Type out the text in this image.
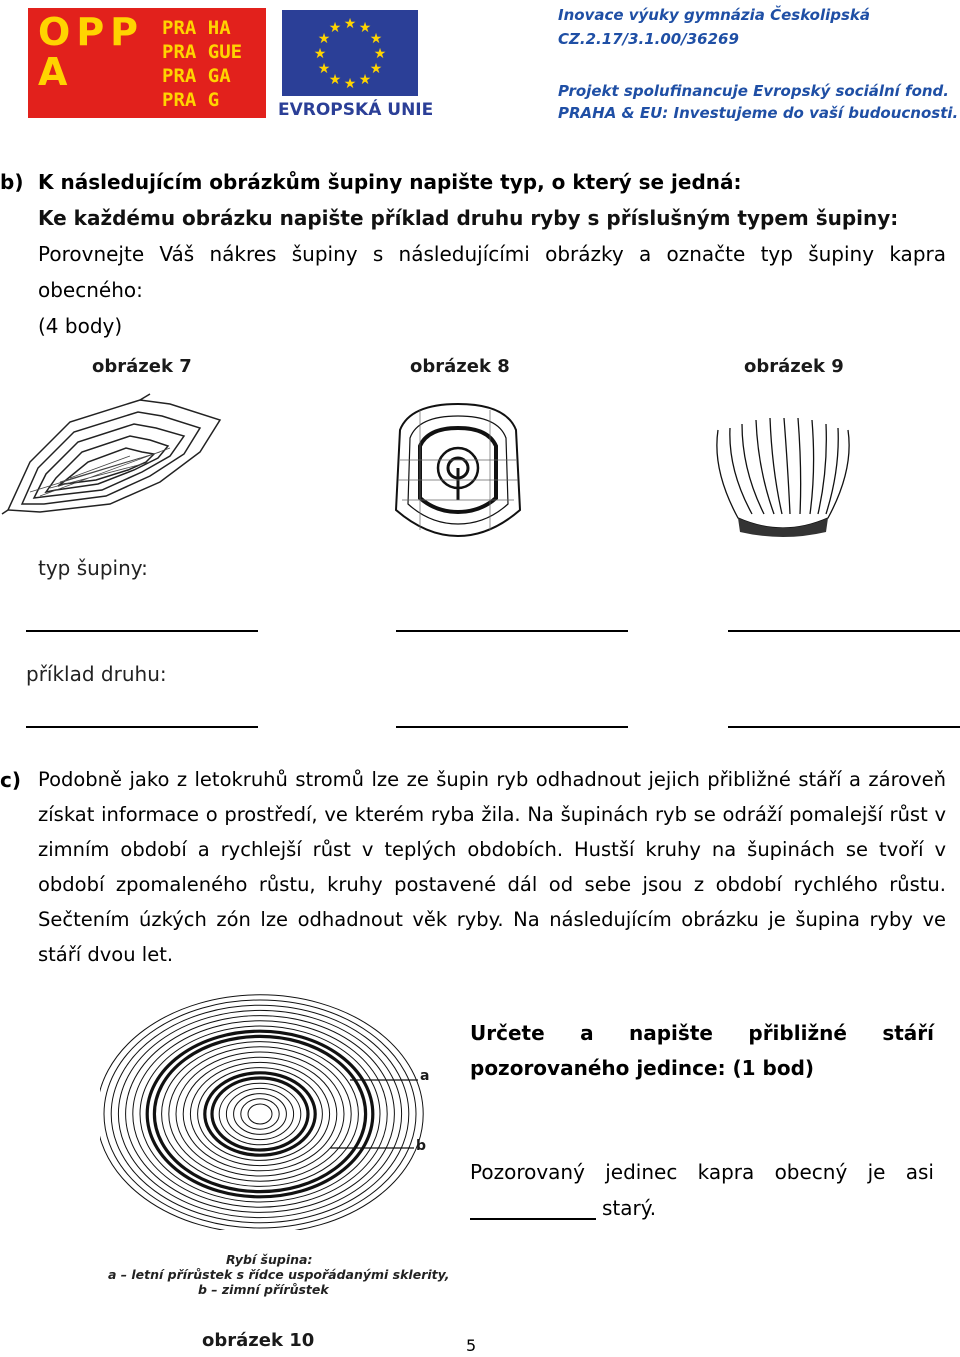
OPP
A
PRA HA
PRA GUE
PRA GA
PRA G
★
★
★
★
★
★
★
★
★ ★ ★
★
EVROPSKÁ UNIE
Inovace výuky gymnázia Českolipská
CZ.2.17/3.1.00/36269
Projekt spolufinancuje Evropský sociální fond.
PRAHA & EU: Investujeme do vaší budoucnosti.
b) K následujícím obrázkům šupiny napište typ, o který se jedná:
Ke každému obrázku napište příklad druhu ryby s příslušným typem šupiny:
Porovnejte Váš nákres šupiny s následujícími obrázky a označte typ šupiny kapra
obecného:
(4 body)
obrázek 7	obrázek 8	obrázek 9
typ šupiny:
příklad druhu:
c) Podobně jako z letokruhů stromů lze ze šupin ryb odhadnout jejich přibližné stáří a zároveň získat informace o prostředí, ve kterém ryba žila. Na šupinách ryb se odráží pomalejší růst v zimním období a rychlejší růst v teplých obdobích. Hustší kruhy na šupinách se tvoří v období zpomaleného růstu, kruhy postavené dál od sebe jsou z období rychlého růstu. Sečtením úzkých zón lze odhadnout věk ryby. Na následujícím obrázku je šupina ryby ve stáří dvou let.
a
b
Rybí šupina:
a – letní přírůstek s řídce uspořádanými sklerity,
b – zimní přírůstek
Určete a napište přibližné stáří pozorovaného jedince: (1 bod)
Pozorovaný jedinec kapra obecný je asi
starý.
obrázek 10	5
